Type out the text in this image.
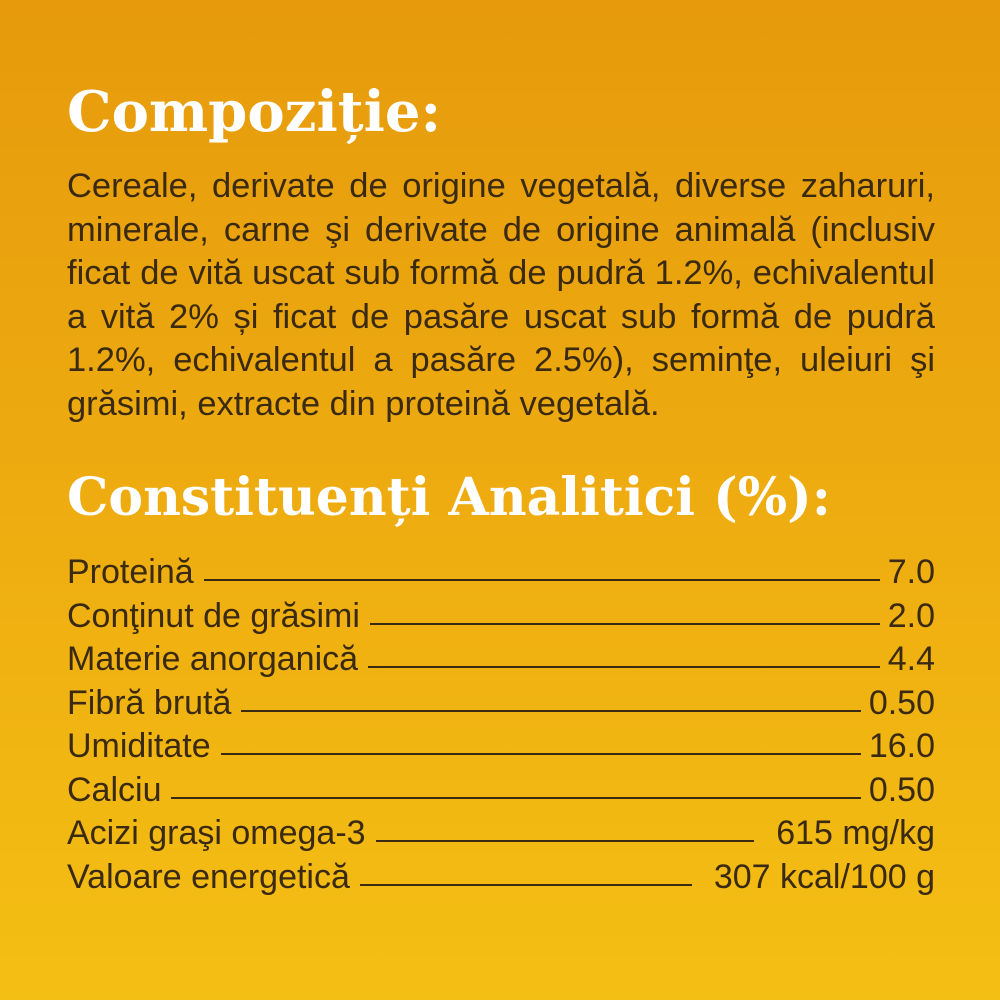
Compoziție:

Cereale, derivate de origine vegetală, diverse zaharuri, minerale, carne şi derivate de origine animală (inclusiv ficat de vită uscat sub formă de pudră 1.2%, echivalentul a vită 2% și ficat de pasăre uscat sub formă de pudră 1.2%, echivalentul a pasăre 2.5%), seminţe, uleiuri şi grăsimi, extracte din proteină vegetală.

Constituenți Analitici (%):
Proteină	7.0
Conţinut de grăsimi	2.0
Materie anorganică	4.4
Fibră brută	0.50
Umiditate	16.0
Calciu	0.50
Acizi graşi omega-3	615 mg/kg
Valoare energetică	307 kcal/100 g
